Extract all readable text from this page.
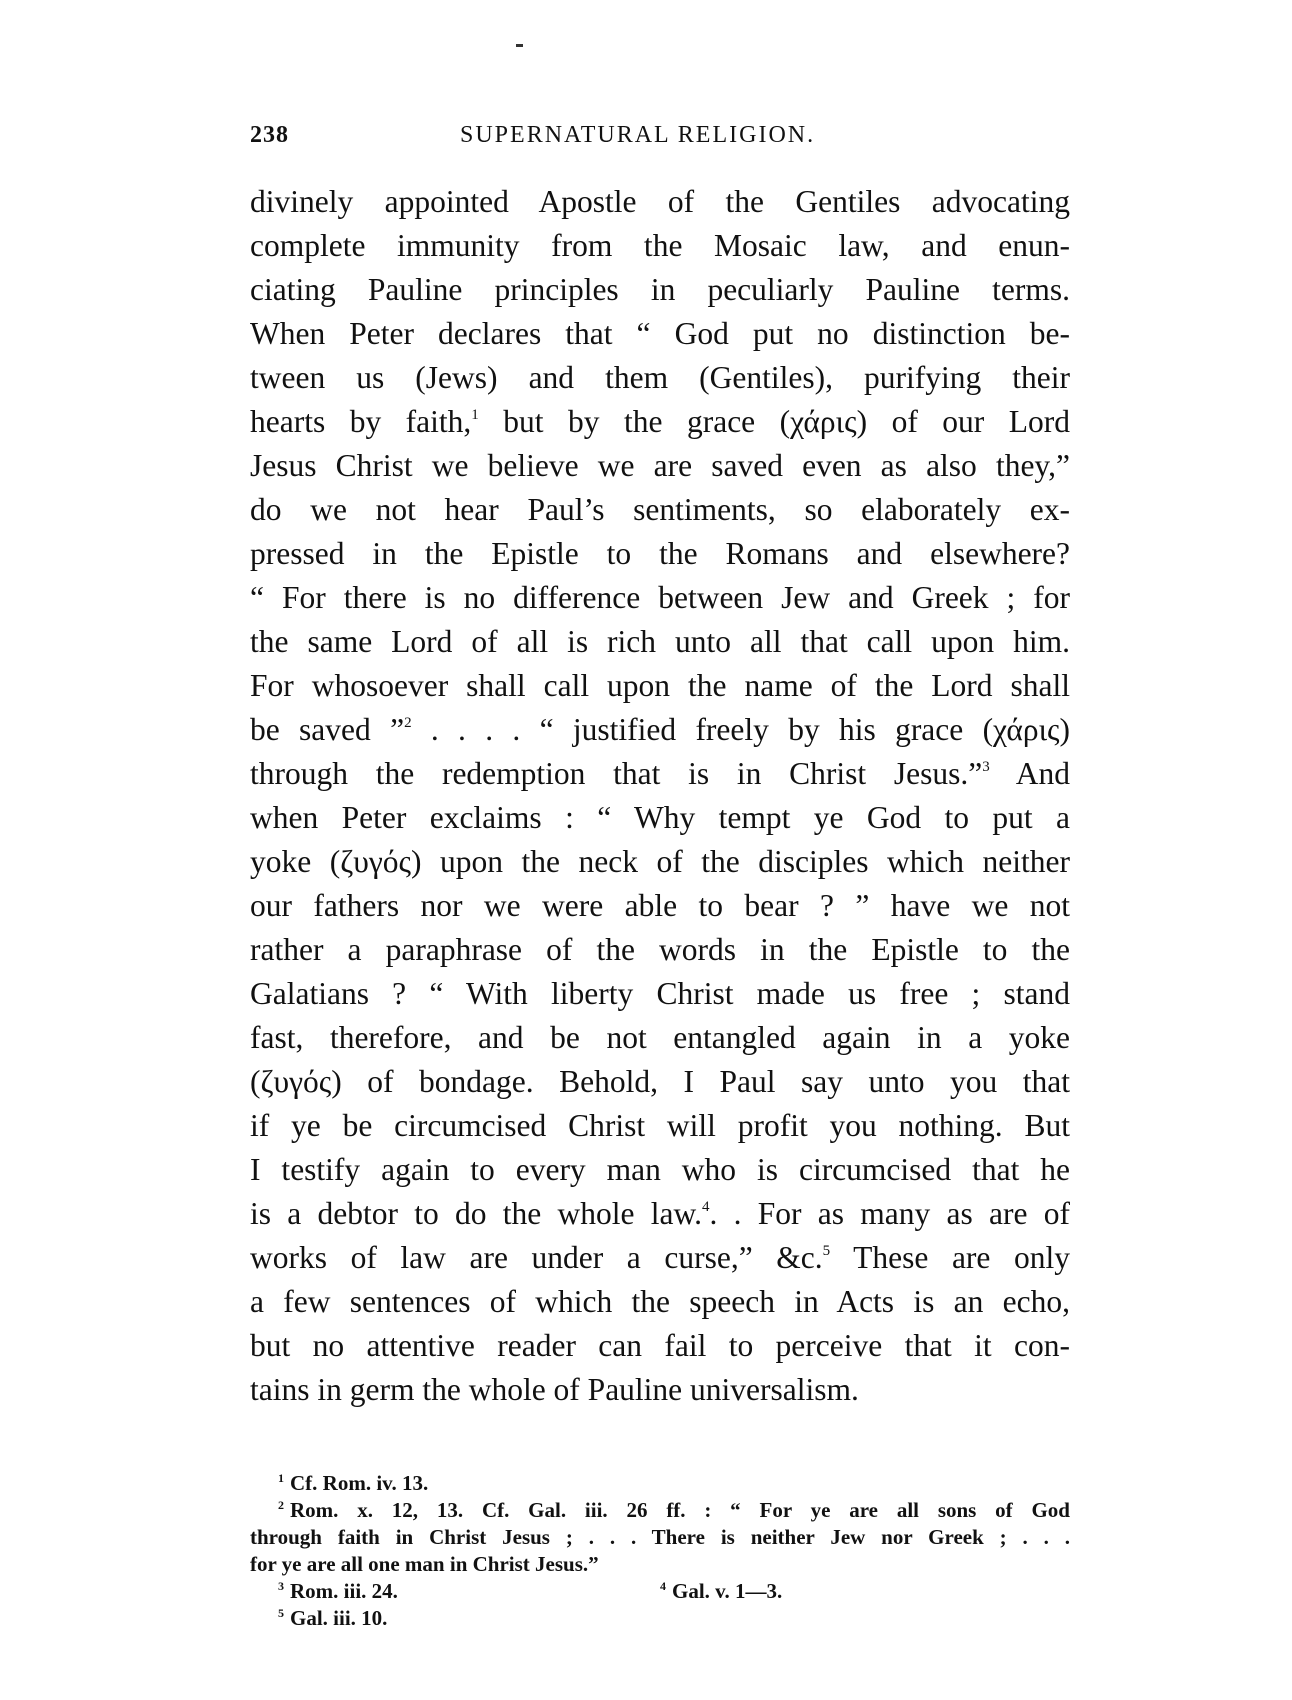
238	SUPERNATURAL RELIGION.
divinely appointed Apostle of the Gentiles advocating
complete immunity from the Mosaic law, and enun-
ciating Pauline principles in peculiarly Pauline terms.
When Peter declares that “ God put no distinction be-
tween us (Jews) and them (Gentiles), purifying their
hearts by faith,$^1$ but by the grace (χάρις) of our Lord
Jesus Christ we believe we are saved even as also they,”
do we not hear Paul’s sentiments, so elaborately ex-
pressed in the Epistle to the Romans and elsewhere?
“ For there is no difference between Jew and Greek ; for
the same Lord of all is rich unto all that call upon him.
For whosoever shall call upon the name of the Lord shall
be saved ”$^2$ . . . . “ justified freely by his grace (χάρις)
through the redemption that is in Christ Jesus.”$^3$ And
when Peter exclaims : “ Why tempt ye God to put a
yoke (ζυγός) upon the neck of the disciples which neither
our fathers nor we were able to bear ? ” have we not
rather a paraphrase of the words in the Epistle to the
Galatians ? “ With liberty Christ made us free ; stand
fast, therefore, and be not entangled again in a yoke
(ζυγός) of bondage. Behold, I Paul say unto you that
if ye be circumcised Christ will profit you nothing. But
I testify again to every man who is circumcised that he
is a debtor to do the whole law.$^4$. . For as many as are of
works of law are under a curse,” &c.$^5$ These are only
a few sentences of which the speech in Acts is an echo,
but no attentive reader can fail to perceive that it con-
tains in germ the whole of Pauline universalism.
$^1$ Cf. Rom. iv. 13.
$^2$ Rom. x. 12, 13. Cf. Gal. iii. 26 ff. : “ For ye are all sons of God
through faith in Christ Jesus ; . . . There is neither Jew nor Greek ; . . .
for ye are all one man in Christ Jesus.”
$^3$ Rom. iii. 24.	$^4$ Gal. v. 1—3.
$^5$ Gal. iii. 10.
